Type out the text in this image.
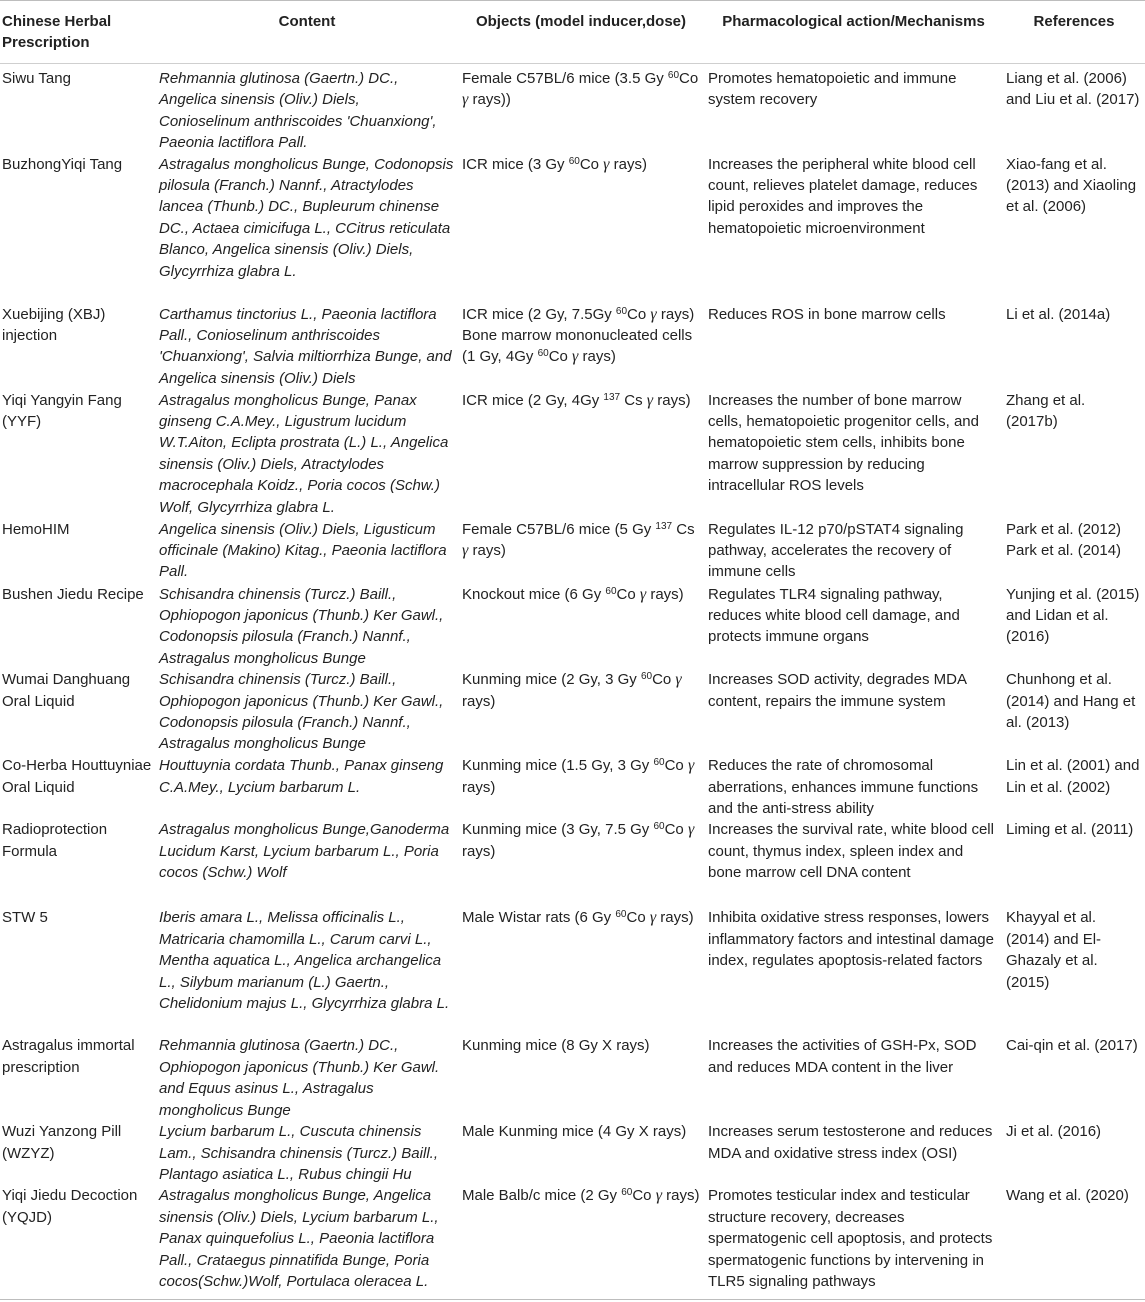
Chinese Herbal Prescription	Content	Objects (model inducer,dose)	Pharmacological action/Mechanisms	References
Siwu Tang	Rehmannia glutinosa (Gaertn.) DC., Angelica sinensis (Oliv.) Diels, Conioselinum anthriscoides 'Chuanxiong', Paeonia lactiflora Pall.	Female C57BL/6 mice (3.5 Gy $^{60}$Co γ rays))	Promotes hematopoietic and immune system recovery	Liang et al. (2006) and Liu et al. (2017)
BuzhongYiqi Tang	Astragalus mongholicus Bunge, Codonopsis pilosula (Franch.) Nannf., Atractylodes lancea (Thunb.) DC., Bupleurum chinense DC., Actaea cimicifuga L., CCitrus reticulata Blanco, Angelica sinensis (Oliv.) Diels, Glycyrrhiza glabra L.	ICR mice (3 Gy $^{60}$Co γ rays)	Increases the peripheral white blood cell count, relieves platelet damage, reduces lipid peroxides and improves the hematopoietic microenvironment	Xiao-fang et al. (2013) and Xiaoling et al. (2006)
Xuebijing (XBJ) injection	Carthamus tinctorius L., Paeonia lactiflora Pall., Conioselinum anthriscoides 'Chuanxiong', Salvia miltiorrhiza Bunge, and Angelica sinensis (Oliv.) Diels	ICR mice (2 Gy, 7.5Gy $^{60}$Co γ rays) Bone marrow mononucleated cells (1 Gy, 4Gy $^{60}$Co γ rays)	Reduces ROS in bone marrow cells	Li et al. (2014a)
Yiqi Yangyin Fang (YYF)	Astragalus mongholicus Bunge, Panax ginseng C.A.Mey., Ligustrum lucidum W.T.Aiton, Eclipta prostrata (L.) L., Angelica sinensis (Oliv.) Diels, Atractylodes macrocephala Koidz., Poria cocos (Schw.) Wolf, Glycyrrhiza glabra L.	ICR mice (2 Gy, 4Gy $^{137}$ Cs γ rays)	Increases the number of bone marrow cells, hematopoietic progenitor cells, and hematopoietic stem cells, inhibits bone marrow suppression by reducing intracellular ROS levels	Zhang et al. (2017b)
HemoHIM	Angelica sinensis (Oliv.) Diels, Ligusticum officinale (Makino) Kitag., Paeonia lactiflora Pall.	Female C57BL/6 mice (5 Gy $^{137}$ Cs γ rays)	Regulates IL-12 p70/pSTAT4 signaling pathway, accelerates the recovery of immune cells	Park et al. (2012) Park et al. (2014)
Bushen Jiedu Recipe	Schisandra chinensis (Turcz.) Baill., Ophiopogon japonicus (Thunb.) Ker Gawl., Codonopsis pilosula (Franch.) Nannf., Astragalus mongholicus Bunge	Knockout mice (6 Gy $^{60}$Co γ rays)	Regulates TLR4 signaling pathway, reduces white blood cell damage, and protects immune organs	Yunjing et al. (2015) and Lidan et al. (2016)
Wumai Danghuang Oral Liquid	Schisandra chinensis (Turcz.) Baill., Ophiopogon japonicus (Thunb.) Ker Gawl., Codonopsis pilosula (Franch.) Nannf., Astragalus mongholicus Bunge	Kunming mice (2 Gy, 3 Gy $^{60}$Co γ rays)	Increases SOD activity, degrades MDA content, repairs the immune system	Chunhong et al. (2014) and Hang et al. (2013)
Co-Herba Houttuyniae Oral Liquid	Houttuynia cordata Thunb., Panax ginseng C.A.Mey., Lycium barbarum L.	Kunming mice (1.5 Gy, 3 Gy $^{60}$Co γ rays)	Reduces the rate of chromosomal aberrations, enhances immune functions and the anti-stress ability	Lin et al. (2001) and Lin et al. (2002)
Radioprotection Formula	Astragalus mongholicus Bunge,Ganoderma Lucidum Karst, Lycium barbarum L., Poria cocos (Schw.) Wolf	Kunming mice (3 Gy, 7.5 Gy $^{60}$Co γ rays)	Increases the survival rate, white blood cell count, thymus index, spleen index and bone marrow cell DNA content	Liming et al. (2011)
STW 5	Iberis amara L., Melissa officinalis L., Matricaria chamomilla L., Carum carvi L., Mentha aquatica L., Angelica archangelica L., Silybum marianum (L.) Gaertn., Chelidonium majus L., Glycyrrhiza glabra L.	Male Wistar rats (6 Gy $^{60}$Co γ rays)	Inhibita oxidative stress responses, lowers inflammatory factors and intestinal damage index, regulates apoptosis-related factors	Khayyal et al. (2014) and El-Ghazaly et al. (2015)
Astragalus immortal prescription	Rehmannia glutinosa (Gaertn.) DC., Ophiopogon japonicus (Thunb.) Ker Gawl. and Equus asinus L., Astragalus mongholicus Bunge	Kunming mice (8 Gy X rays)	Increases the activities of GSH-Px, SOD and reduces MDA content in the liver	Cai-qin et al. (2017)
Wuzi Yanzong Pill (WZYZ)	Lycium barbarum L., Cuscuta chinensis Lam., Schisandra chinensis (Turcz.) Baill., Plantago asiatica L., Rubus chingii Hu	Male Kunming mice (4 Gy X rays)	Increases serum testosterone and reduces MDA and oxidative stress index (OSI)	Ji et al. (2016)
Yiqi Jiedu Decoction (YQJD)	Astragalus mongholicus Bunge, Angelica sinensis (Oliv.) Diels, Lycium barbarum L., Panax quinquefolius L., Paeonia lactiflora Pall., Crataegus pinnatifida Bunge, Poria cocos(Schw.)Wolf, Portulaca oleracea L.	Male Balb/c mice (2 Gy $^{60}$Co γ rays)	Promotes testicular index and testicular structure recovery, decreases spermatogenic cell apoptosis, and protects spermatogenic functions by intervening in TLR5 signaling pathways	Wang et al. (2020)
